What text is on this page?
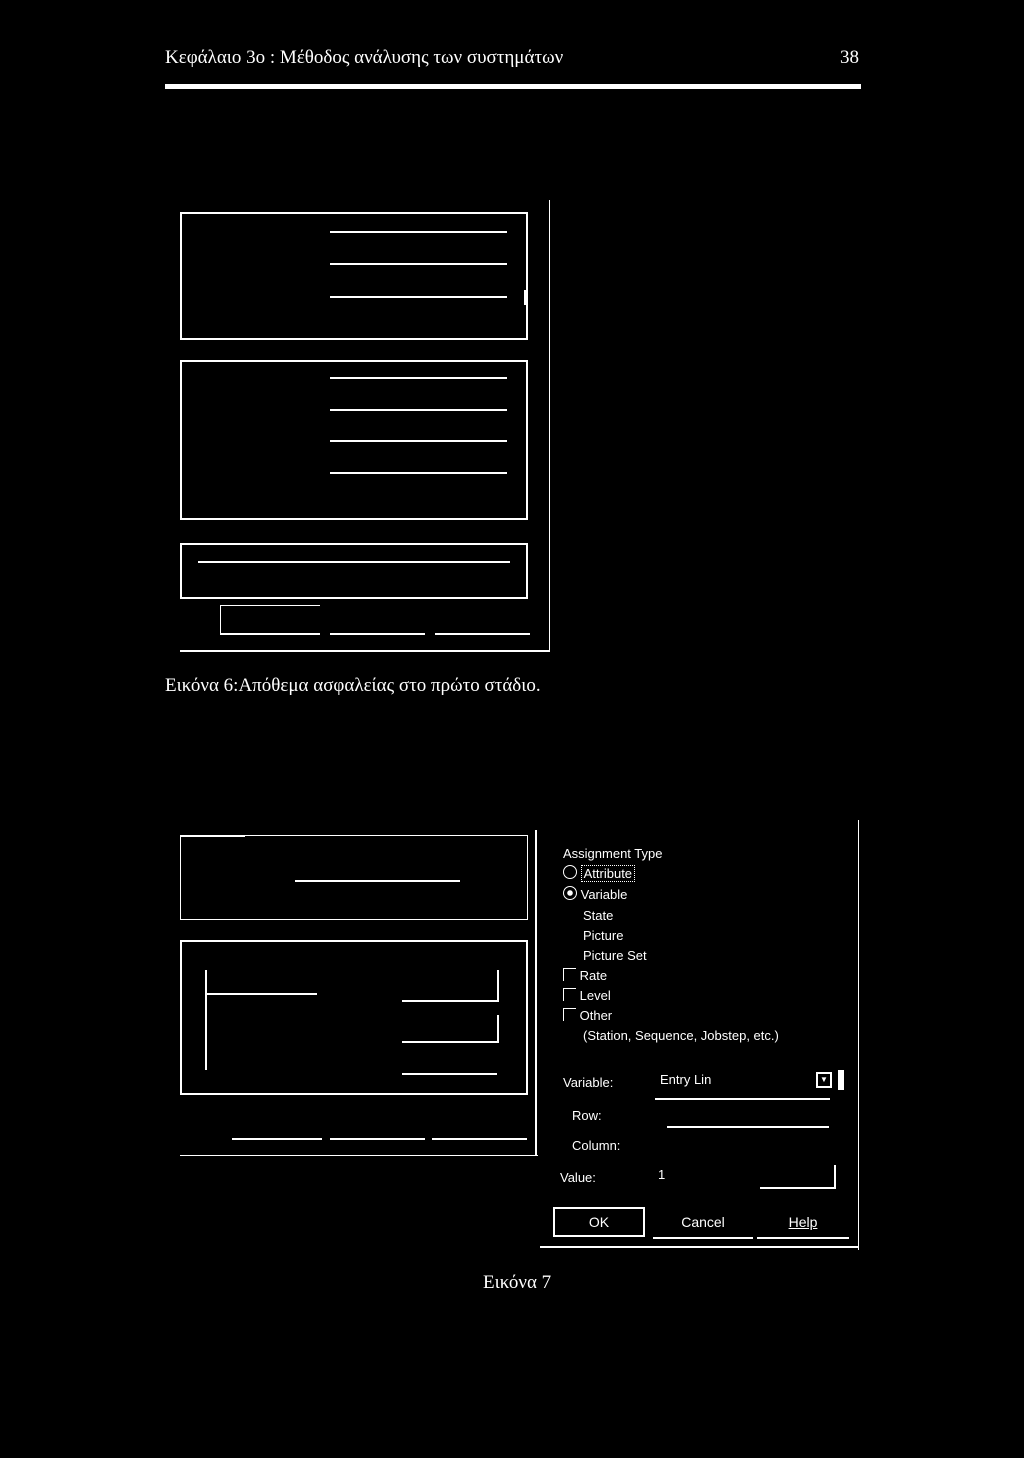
Κεφάλαιο 3ο : Μέθοδος ανάλυσης των συστημάτων	38
Εικόνα 6:Απόθεμα ασφαλείας στο πρώτο στάδιο.
Assignment Type
Attribute
Variable
State
Picture
Picture Set
Rate
Level
Other
(Station, Sequence, Jobstep, etc.)
Variable:	Entry Lin	▼
Row:
Column:
Value:	1
OK	Cancel	Help
Εικόνα 7
